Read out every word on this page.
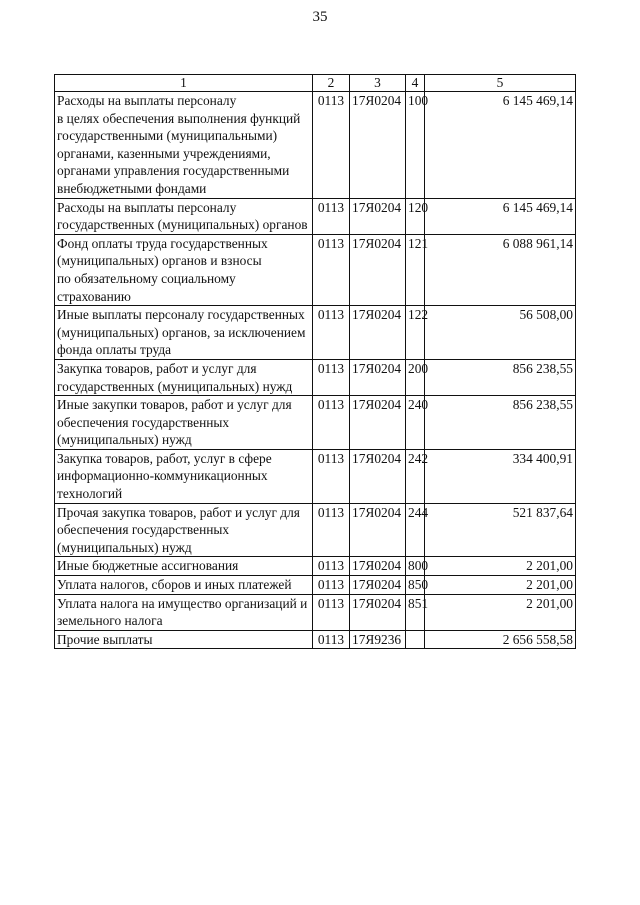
35
1	2	3	4	5
Расходы на выплаты персоналу
в целях обеспечения выполнения функций государственными (муниципальными) органами, казенными учреждениями, органами управления государственными внебюджетными фондами	0113	17Я0204	100	6 145 469,14
Расходы на выплаты персоналу государственных (муниципальных) органов	0113	17Я0204	120	6 145 469,14
Фонд оплаты труда государственных (муниципальных) органов и взносы
по обязательному социальному страхованию	0113	17Я0204	121	6 088 961,14
Иные выплаты персоналу государственных (муниципальных) органов, за исключением фонда оплаты труда	0113	17Я0204	122	56 508,00
Закупка товаров, работ и услуг для государственных (муниципальных) нужд	0113	17Я0204	200	856 238,55
Иные закупки товаров, работ и услуг для обеспечения государственных (муниципальных) нужд	0113	17Я0204	240	856 238,55
Закупка товаров, работ, услуг в сфере информационно-коммуникационных технологий	0113	17Я0204	242	334 400,91
Прочая закупка товаров, работ и услуг для обеспечения государственных (муниципальных) нужд	0113	17Я0204	244	521 837,64
Иные бюджетные ассигнования	0113	17Я0204	800	2 201,00
Уплата налогов, сборов и иных платежей	0113	17Я0204	850	2 201,00
Уплата налога на имущество организаций и земельного налога	0113	17Я0204	851	2 201,00
Прочие выплаты	0113	17Я9236		2 656 558,58
